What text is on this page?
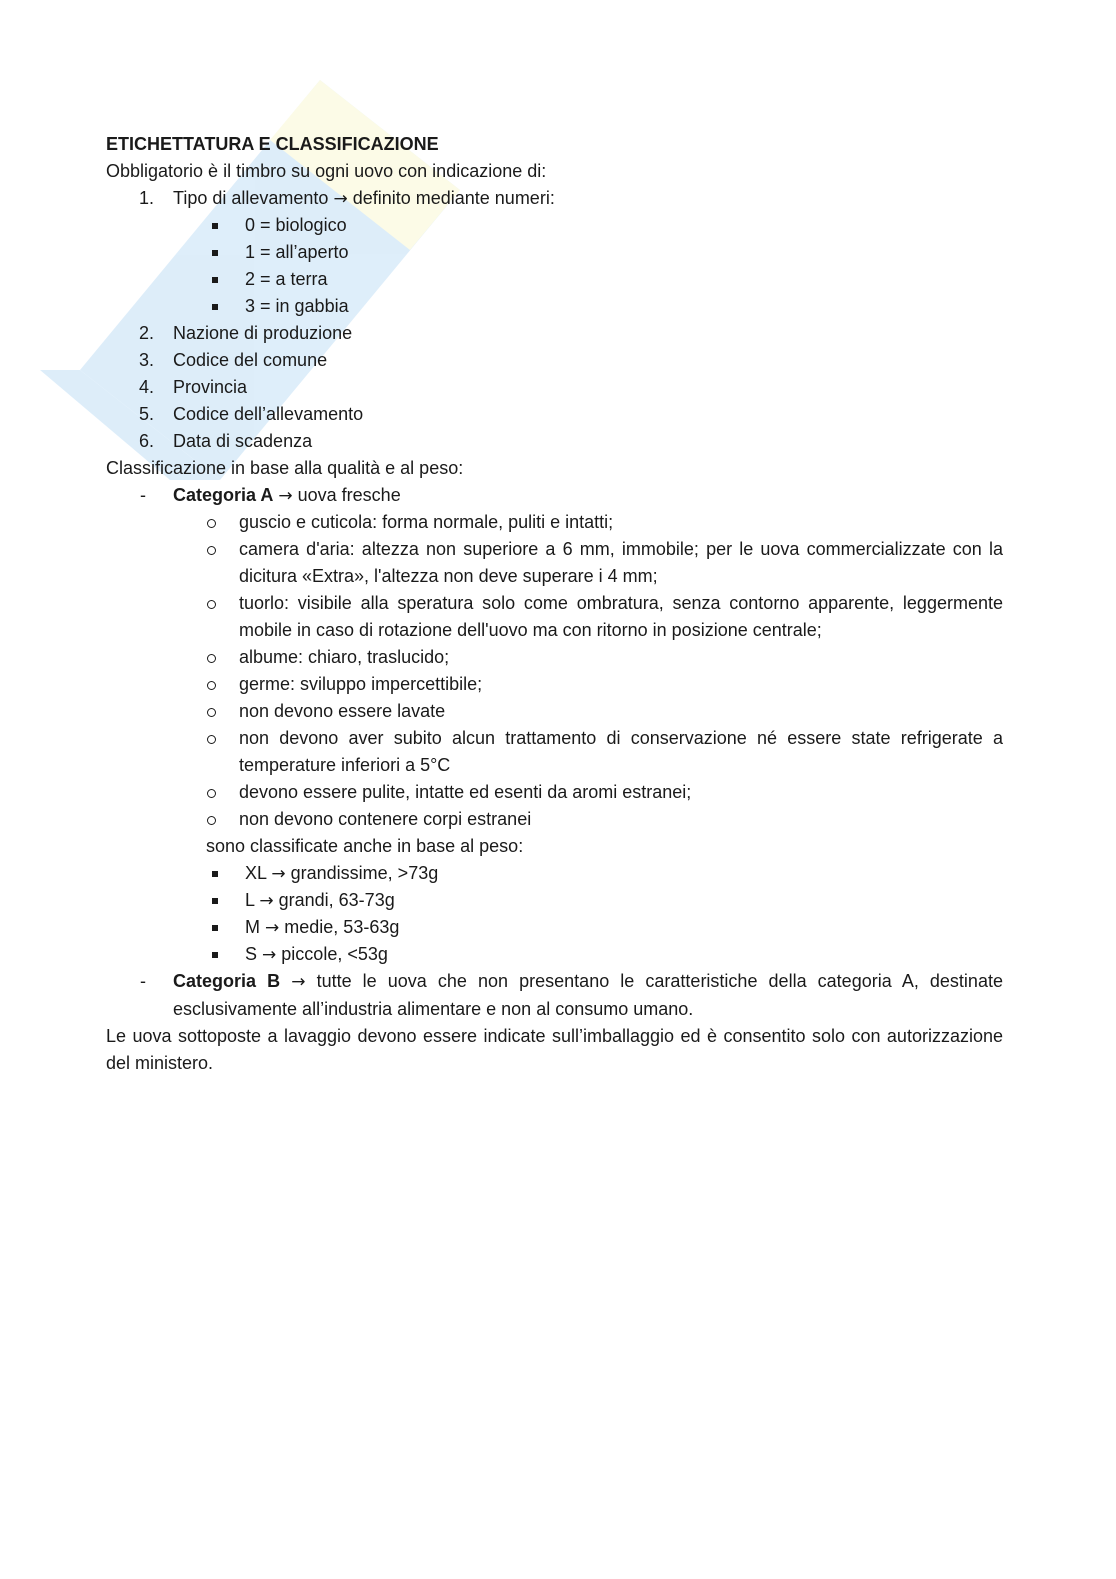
ETICHETTATURA E CLASSIFICAZIONE
Obbligatorio è il timbro su ogni uovo con indicazione di:
1. Tipo di allevamento → definito mediante numeri:
0 = biologico
1 = all’aperto
2 = a terra
3 = in gabbia
2. Nazione di produzione
3. Codice del comune
4. Provincia
5. Codice dell’allevamento
6. Data di scadenza
Classificazione in base alla qualità e al peso:
- Categoria A → uova fresche
guscio e cuticola: forma normale, puliti e intatti;
camera d'aria: altezza non superiore a 6 mm, immobile; per le uova commercializzate con la dicitura «Extra», l'altezza non deve superare i 4 mm;
tuorlo: visibile alla speratura solo come ombratura, senza contorno apparente, leggermente mobile in caso di rotazione dell'uovo ma con ritorno in posizione centrale;
albume: chiaro, traslucido;
germe: sviluppo impercettibile;
non devono essere lavate
non devono aver subito alcun trattamento di conservazione né essere state refrigerate a temperature inferiori a 5°C
devono essere pulite, intatte ed esenti da aromi estranei;
non devono contenere corpi estranei
sono classificate anche in base al peso:
XL → grandissime, >73g
L → grandi, 63-73g
M → medie, 53-63g
S → piccole, <53g
- Categoria B → tutte le uova che non presentano le caratteristiche della categoria A, destinate esclusivamente all’industria alimentare e non al consumo umano.
Le uova sottoposte a lavaggio devono essere indicate sull’imballaggio ed è consentito solo con autorizzazione del ministero.
